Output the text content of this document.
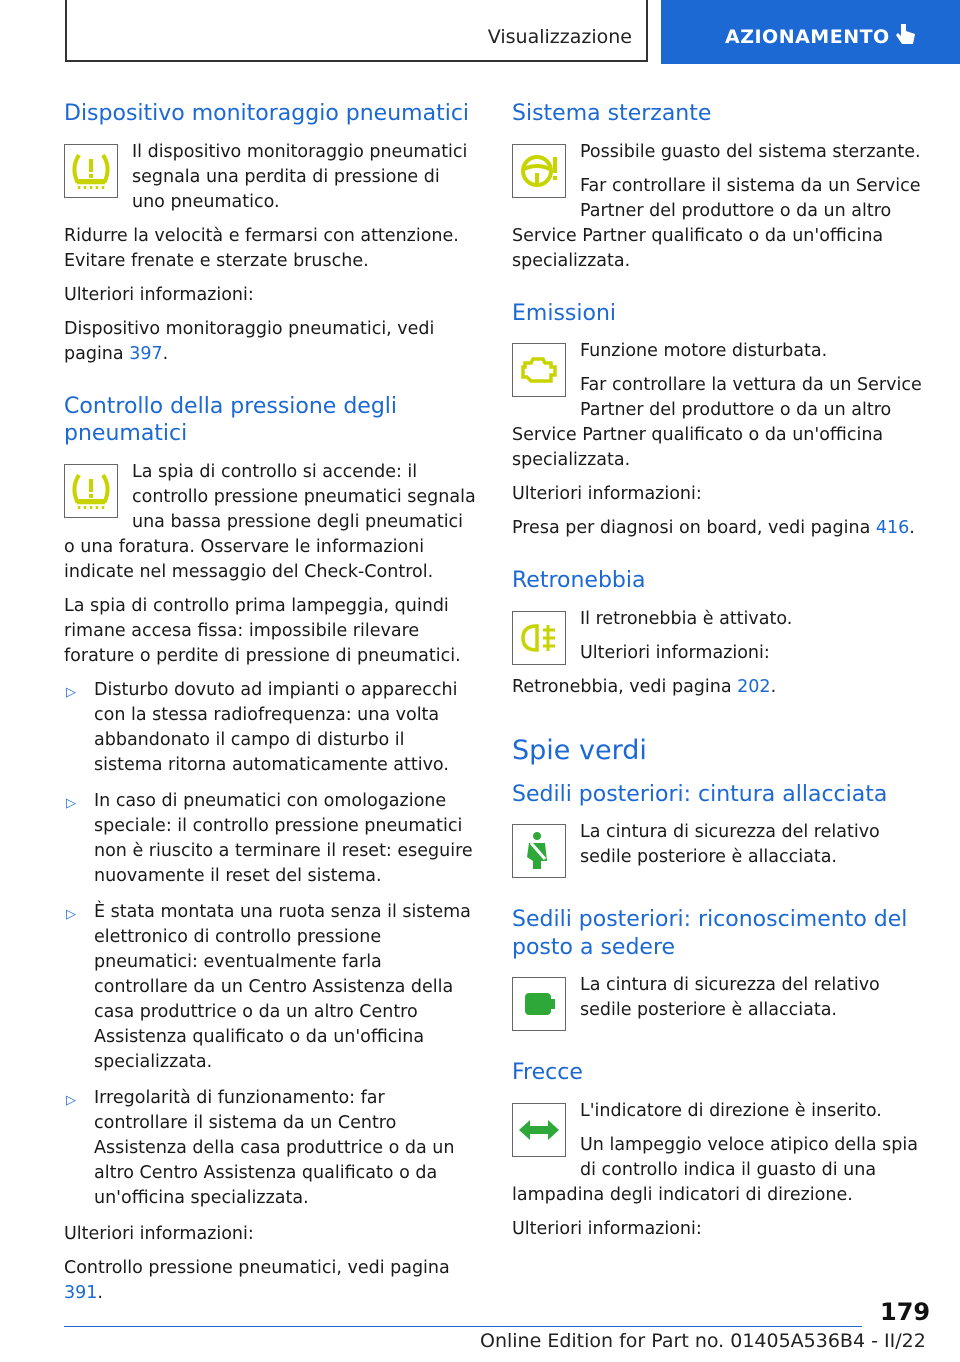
Visualizzazione	AZIONAMENTO
Dispositivo monitoraggio pneumatici

Il dispositivo monitoraggio pneumatici segnala una perdita di pressione di uno pneumatico.

Ridurre la velocità e fermarsi con attenzione. Evitare frenate e sterzate brusche.

Ulteriori informazioni:

Dispositivo monitoraggio pneumatici, vedi pagina 397.

Controllo della pressione degli pneumatici

La spia di controllo si accende: il controllo pressione pneumatici segnala una bassa pressione degli pneumatici o una foratura. Osservare le informazioni indicate nel messaggio del Check-Control.

La spia di controllo prima lampeggia, quindi rimane accesa fissa: impossibile rilevare forature o perdite di pressione di pneumatici.

▷ Disturbo dovuto ad impianti o apparecchi con la stessa radiofrequenza: una volta abbandonato il campo di disturbo il sistema ritorna automaticamente attivo.
▷ In caso di pneumatici con omologazione speciale: il controllo pressione pneumatici non è riuscito a terminare il reset: eseguire nuovamente il reset del sistema.
▷ È stata montata una ruota senza il sistema elettronico di controllo pressione pneumatici: eventualmente farla controllare da un Centro Assistenza della casa produttrice o da un altro Centro Assistenza qualificato o da un'officina specializzata.
▷ Irregolarità di funzionamento: far controllare il sistema da un Centro Assistenza della casa produttrice o da un altro Centro Assistenza qualificato o da un'officina specializzata.

Ulteriori informazioni:

Controllo pressione pneumatici, vedi pagina 391.

Sistema sterzante

Possibile guasto del sistema sterzante.

Far controllare il sistema da un Service Partner del produttore o da un altro Service Partner qualificato o da un'officina specializzata.

Emissioni

Funzione motore disturbata.

Far controllare la vettura da un Service Partner del produttore o da un altro Service Partner qualificato o da un'officina specializzata.

Ulteriori informazioni:

Presa per diagnosi on board, vedi pagina 416.

Retronebbia

Il retronebbia è attivato.

Ulteriori informazioni:

Retronebbia, vedi pagina 202.

Spie verdi
Sedili posteriori: cintura allacciata

La cintura di sicurezza del relativo sedile posteriore è allacciata.

Sedili posteriori: riconoscimento del posto a sedere

La cintura di sicurezza del relativo sedile posteriore è allacciata.

Frecce

L'indicatore di direzione è inserito.

Un lampeggio veloce atipico della spia di controllo indica il guasto di una lampadina degli indicatori di direzione.

Ulteriori informazioni:

179
Online Edition for Part no. 01405A536B4 - II/22
